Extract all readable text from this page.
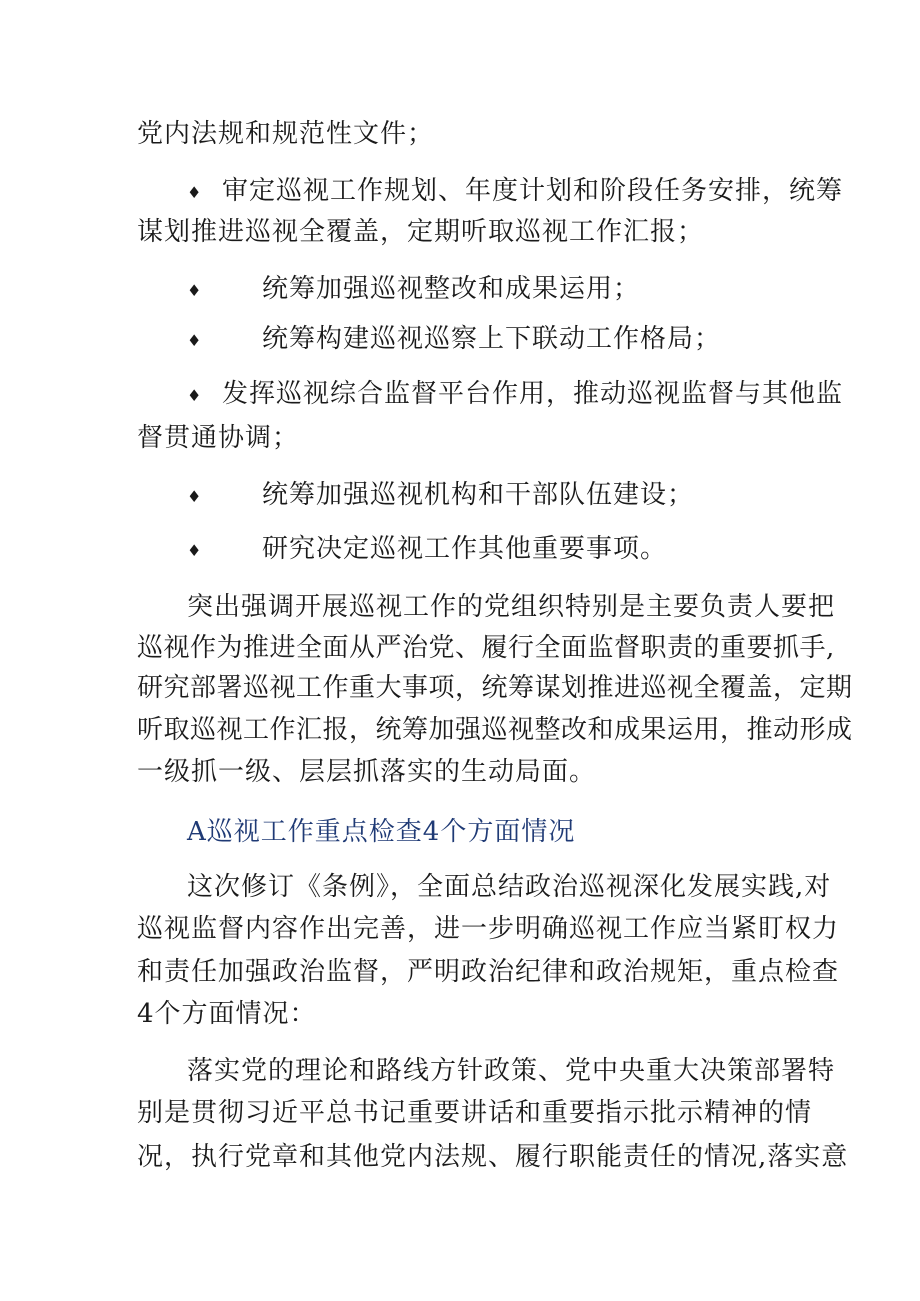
党内法规和规范性文件；
♦ 审定巡视工作规划、年度计划和阶段任务安排，统筹
谋划推进巡视全覆盖，定期听取巡视工作汇报；
♦ 统筹加强巡视整改和成果运用；
♦ 统筹构建巡视巡察上下联动工作格局；
♦ 发挥巡视综合监督平台作用，推动巡视监督与其他监
督贯通协调；
♦ 统筹加强巡视机构和干部队伍建设；
♦ 研究决定巡视工作其他重要事项。
突出强调开展巡视工作的党组织特别是主要负责人要把
巡视作为推进全面从严治党、履行全面监督职责的重要抓手,
研究部署巡视工作重大事项，统筹谋划推进巡视全覆盖，定期
听取巡视工作汇报，统筹加强巡视整改和成果运用，推动形成
一级抓一级、层层抓落实的生动局面。
A巡视工作重点检查4个方面情况
这次修订《条例》，全面总结政治巡视深化发展实践,对
巡视监督内容作出完善，进一步明确巡视工作应当紧盯权力
和责任加强政治监督，严明政治纪律和政治规矩，重点检查
4个方面情况：
落实党的理论和路线方针政策、党中央重大决策部署特
别是贯彻习近平总书记重要讲话和重要指示批示精神的情
况，执行党章和其他党内法规、履行职能责任的情况,落实意
